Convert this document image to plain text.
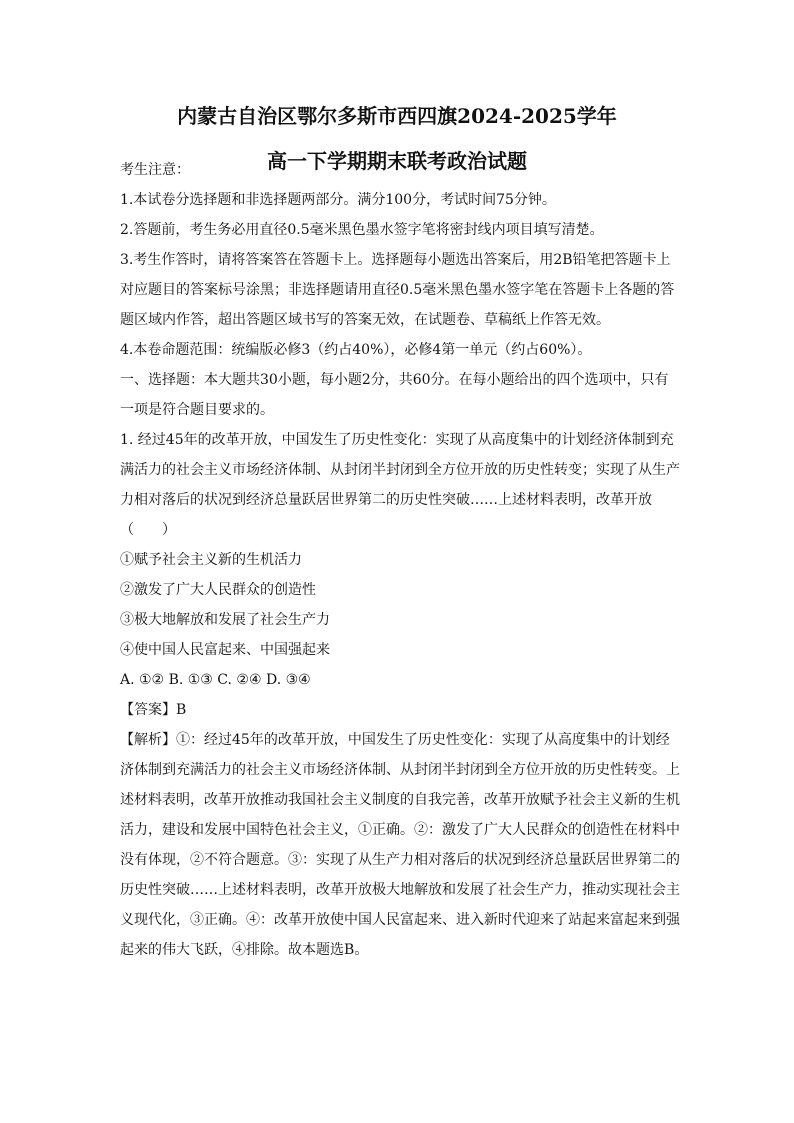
内蒙古自治区鄂尔多斯市西四旗2024-2025学年
高一下学期期末联考政治试题
考生注意：
1.本试卷分选择题和非选择题两部分。满分100分，考试时间75分钟。
2.答题前，考生务必用直径0.5毫米黑色墨水签字笔将密封线内项目填写清楚。
3.考生作答时，请将答案答在答题卡上。选择题每小题选出答案后，用2B铅笔把答题卡上
对应题目的答案标号涂黑；非选择题请用直径0.5毫米黑色墨水签字笔在答题卡上各题的答
题区域内作答，超出答题区域书写的答案无效，在试题卷、草稿纸上作答无效。
4.本卷命题范围：统编版必修3（约占40%），必修4第一单元（约占60%）。
一、选择题：本大题共30小题，每小题2分，共60分。在每小题给出的四个选项中，只有
一项是符合题目要求的。
1. 经过45年的改革开放，中国发生了历史性变化：实现了从高度集中的计划经济体制到充
满活力的社会主义市场经济体制、从封闭半封闭到全方位开放的历史性转变；实现了从生产
力相对落后的状况到经济总量跃居世界第二的历史性突破……上述材料表明，改革开放
（　　）
①赋予社会主义新的生机活力
②激发了广大人民群众的创造性
③极大地解放和发展了社会生产力
④使中国人民富起来、中国强起来
A. ①② B. ①③ C. ②④ D. ③④
【答案】B
【解析】①：经过45年的改革开放，中国发生了历史性变化：实现了从高度集中的计划经
济体制到充满活力的社会主义市场经济体制、从封闭半封闭到全方位开放的历史性转变。上
述材料表明，改革开放推动我国社会主义制度的自我完善，改革开放赋予社会主义新的生机
活力，建设和发展中国特色社会主义，①正确。②：激发了广大人民群众的创造性在材料中
没有体现，②不符合题意。③：实现了从生产力相对落后的状况到经济总量跃居世界第二的
历史性突破……上述材料表明，改革开放极大地解放和发展了社会生产力，推动实现社会主
义现代化，③正确。④：改革开放使中国人民富起来、进入新时代迎来了站起来富起来到强
起来的伟大飞跃，④排除。故本题选B。
